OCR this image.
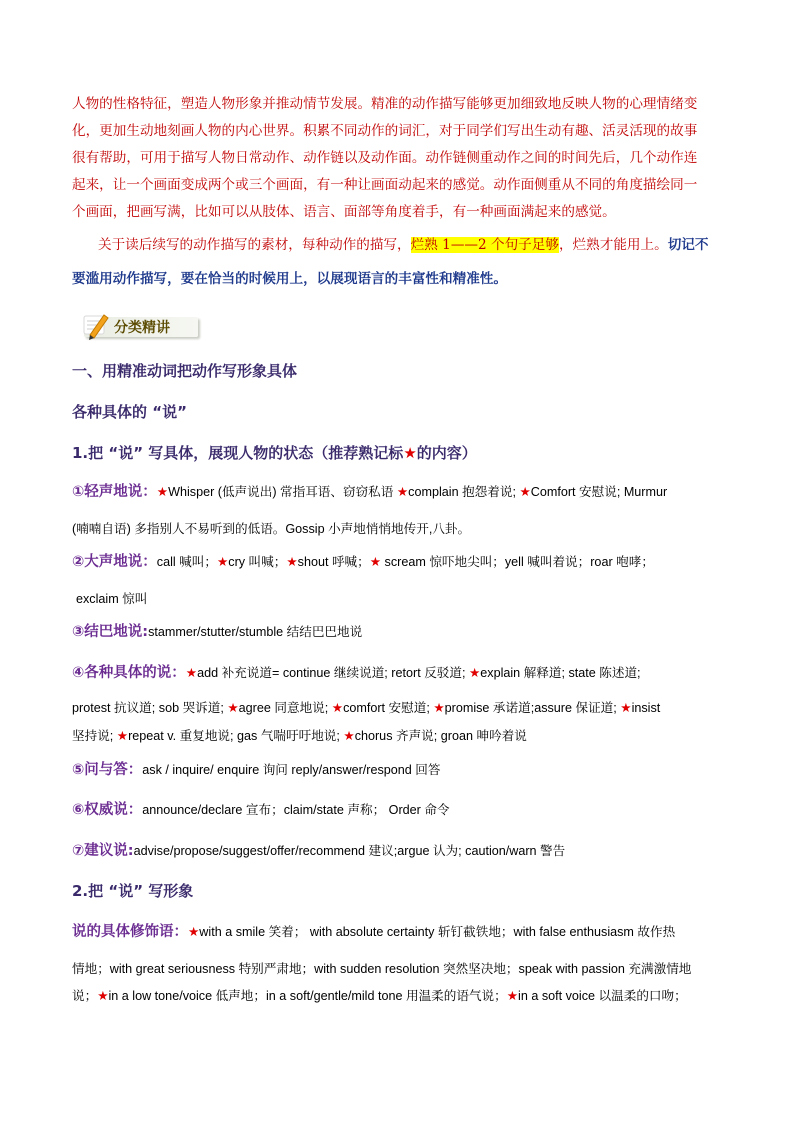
人物的性格特征，塑造人物形象并推动情节发展。精准的动作描写能够更加细致地反映人物的心理情绪变
化，更加生动地刻画人物的内心世界。积累不同动作的词汇，对于同学们写出生动有趣、活灵活现的故事
很有帮助，可用于描写人物日常动作、动作链以及动作面。动作链侧重动作之间的时间先后，几个动作连
起来，让一个画面变成两个或三个画面，有一种让画面动起来的感觉。动作面侧重从不同的角度描绘同一
个画面，把画写满，比如可以从肢体、语言、面部等角度着手，有一种画面满起来的感觉。
关于读后续写的动作描写的素材，每种动作的描写，烂熟 1——2 个句子足够，烂熟才能用上。切记不
要滥用动作描写，要在恰当的时候用上，以展现语言的丰富性和精准性。
分类精讲
一、用精准动词把动作写形象具体
各种具体的 “说”
1.把 “说” 写具体，展现人物的状态（推荐熟记标★的内容）
①轻声地说：★Whisper (低声说出) 常指耳语、窃窃私语 ★complain 抱怨着说; ★Comfort 安慰说; Murmur
(喃喃自语) 多指别人不易听到的低语。Gossip 小声地悄悄地传开,八卦。
②大声地说：call 喊叫；★cry 叫喊；★shout 呼喊；★ scream 惊吓地尖叫；yell 喊叫着说；roar 咆哮；
exclaim 惊叫
③结巴地说:stammer/stutter/stumble 结结巴巴地说
④各种具体的说：★add 补充说道= continue 继续说道; retort 反驳道; ★explain 解释道; state 陈述道;
protest 抗议道; sob 哭诉道; ★agree 同意地说; ★comfort 安慰道; ★promise 承诺道;assure 保证道; ★insist
坚持说; ★repeat v. 重复地说; gas 气喘吁吁地说; ★chorus 齐声说; groan 呻吟着说
⑤问与答：ask / inquire/ enquire 询问 reply/answer/respond 回答
⑥权威说：announce/declare 宣布；claim/state 声称； Order 命令
⑦建议说:advise/propose/suggest/offer/recommend 建议;argue 认为; caution/warn 警告
2.把 “说” 写形象
说的具体修饰语：★with a smile 笑着； with absolute certainty 斩钉截铁地；with false enthusiasm 故作热
情地；with great seriousness 特别严肃地；with sudden resolution 突然坚决地；speak with passion 充满激情地
说；★in a low tone/voice 低声地；in a soft/gentle/mild tone 用温柔的语气说；★in a soft voice 以温柔的口吻；
